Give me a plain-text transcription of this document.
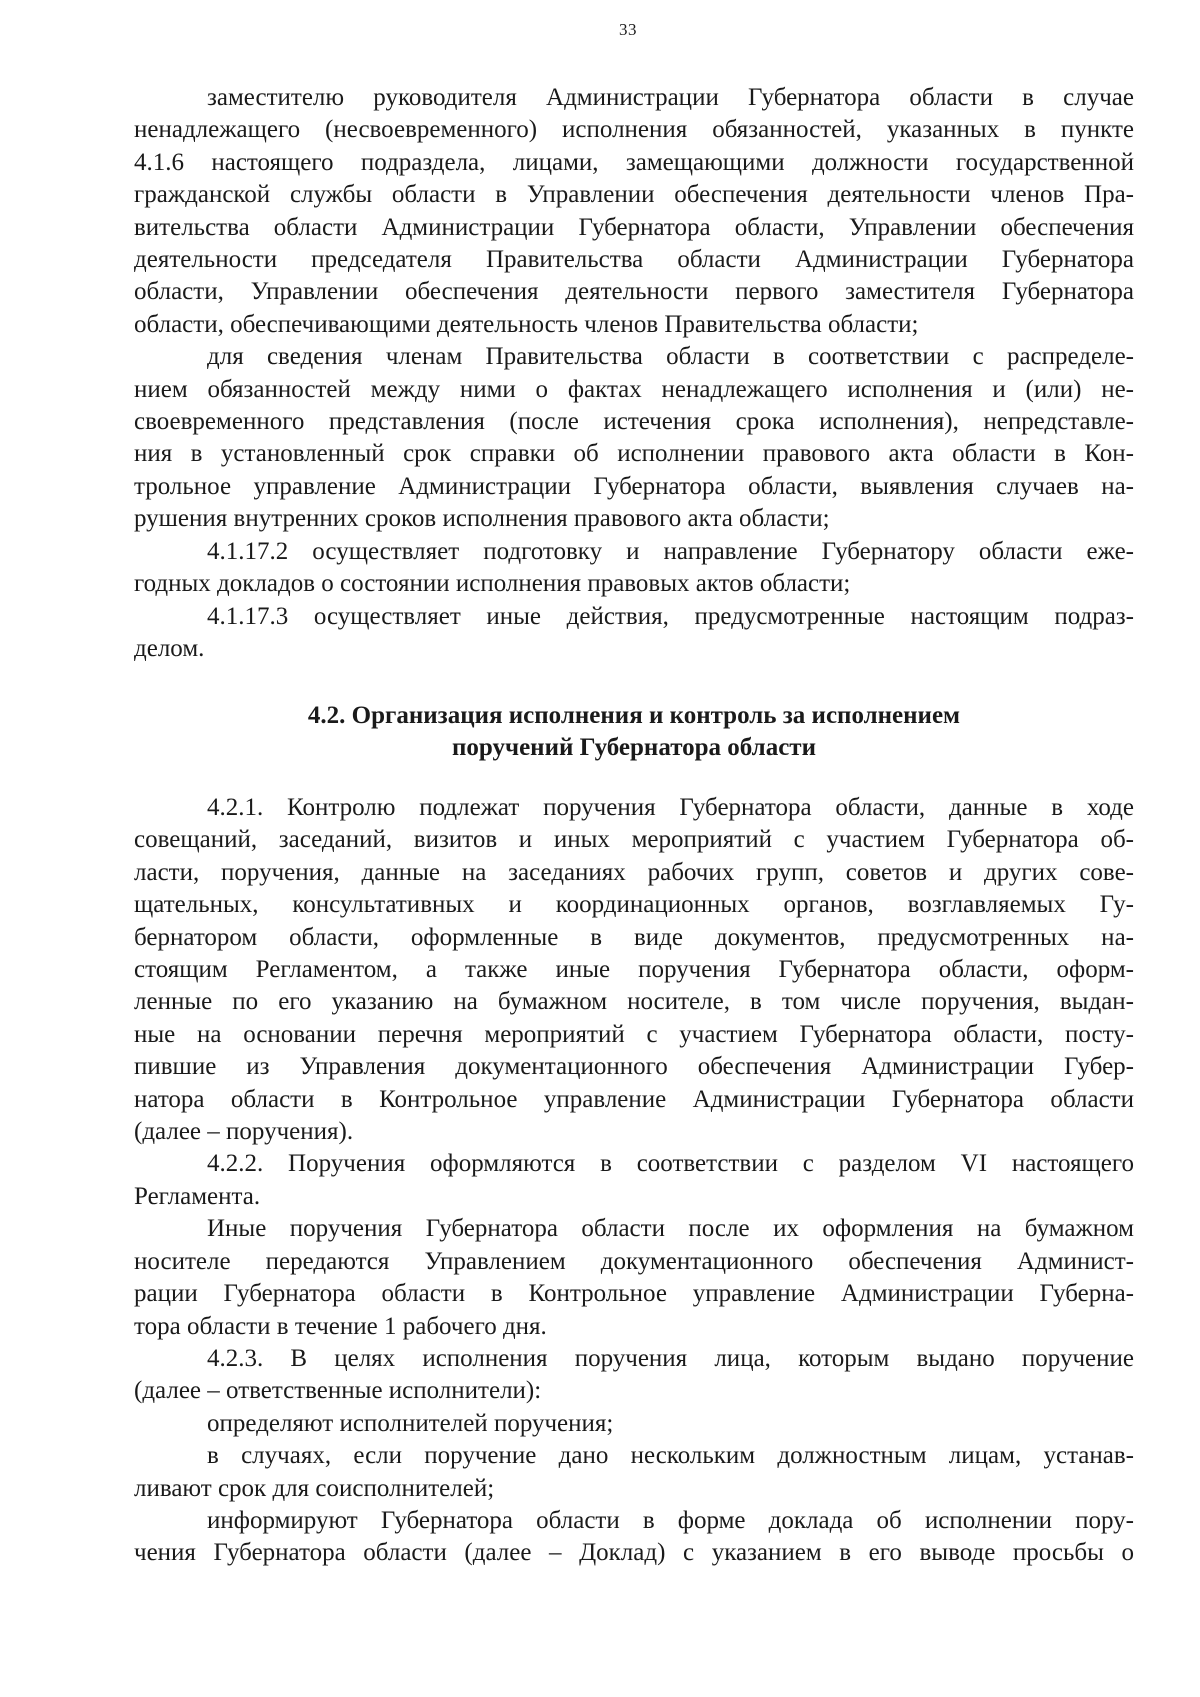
33
заместителю руководителя Администрации Губернатора области в случае
ненадлежащего (несвоевременного) исполнения обязанностей, указанных в пункте
4.1.6 настоящего подраздела, лицами, замещающими должности государственной
гражданской службы области в Управлении обеспечения деятельности членов Пра-
вительства области Администрации Губернатора области, Управлении обеспечения
деятельности председателя Правительства области Администрации Губернатора
области, Управлении обеспечения деятельности первого заместителя Губернатора
области, обеспечивающими деятельность членов Правительства области;
для сведения членам Правительства области в соответствии с распределе-
нием обязанностей между ними о фактах ненадлежащего исполнения и (или) не-
своевременного представления (после истечения срока исполнения), непредставле-
ния в установленный срок справки об исполнении правового акта области в Кон-
трольное управление Администрации Губернатора области, выявления случаев на-
рушения внутренних сроков исполнения правового акта области;
4.1.17.2 осуществляет подготовку и направление Губернатору области еже-
годных докладов о состоянии исполнения правовых актов области;
4.1.17.3 осуществляет иные действия, предусмотренные настоящим подраз-
делом.
4.2. Организация исполнения и контроль за исполнением
поручений Губернатора области
4.2.1. Контролю подлежат поручения Губернатора области, данные в ходе
совещаний, заседаний, визитов и иных мероприятий с участием Губернатора об-
ласти, поручения, данные на заседаниях рабочих групп, советов и других сове-
щательных, консультативных и координационных органов, возглавляемых Гу-
бернатором области, оформленные в виде документов, предусмотренных на-
стоящим Регламентом, а также иные поручения Губернатора области, оформ-
ленные по его указанию на бумажном носителе, в том числе поручения, выдан-
ные на основании перечня мероприятий с участием Губернатора области, посту-
пившие из Управления документационного обеспечения Администрации Губер-
натора области в Контрольное управление Администрации Губернатора области
(далее – поручения).
4.2.2. Поручения оформляются в соответствии с разделом VI настоящего
Регламента.
Иные поручения Губернатора области после их оформления на бумажном
носителе передаются Управлением документационного обеспечения Админист-
рации Губернатора области в Контрольное управление Администрации Губерна-
тора области в течение 1 рабочего дня.
4.2.3. В целях исполнения поручения лица, которым выдано поручение
(далее – ответственные исполнители):
определяют исполнителей поручения;
в случаях, если поручение дано нескольким должностным лицам, устанав-
ливают срок для соисполнителей;
информируют Губернатора области в форме доклада об исполнении пору-
чения Губернатора области (далее – Доклад) с указанием в его выводе просьбы о
